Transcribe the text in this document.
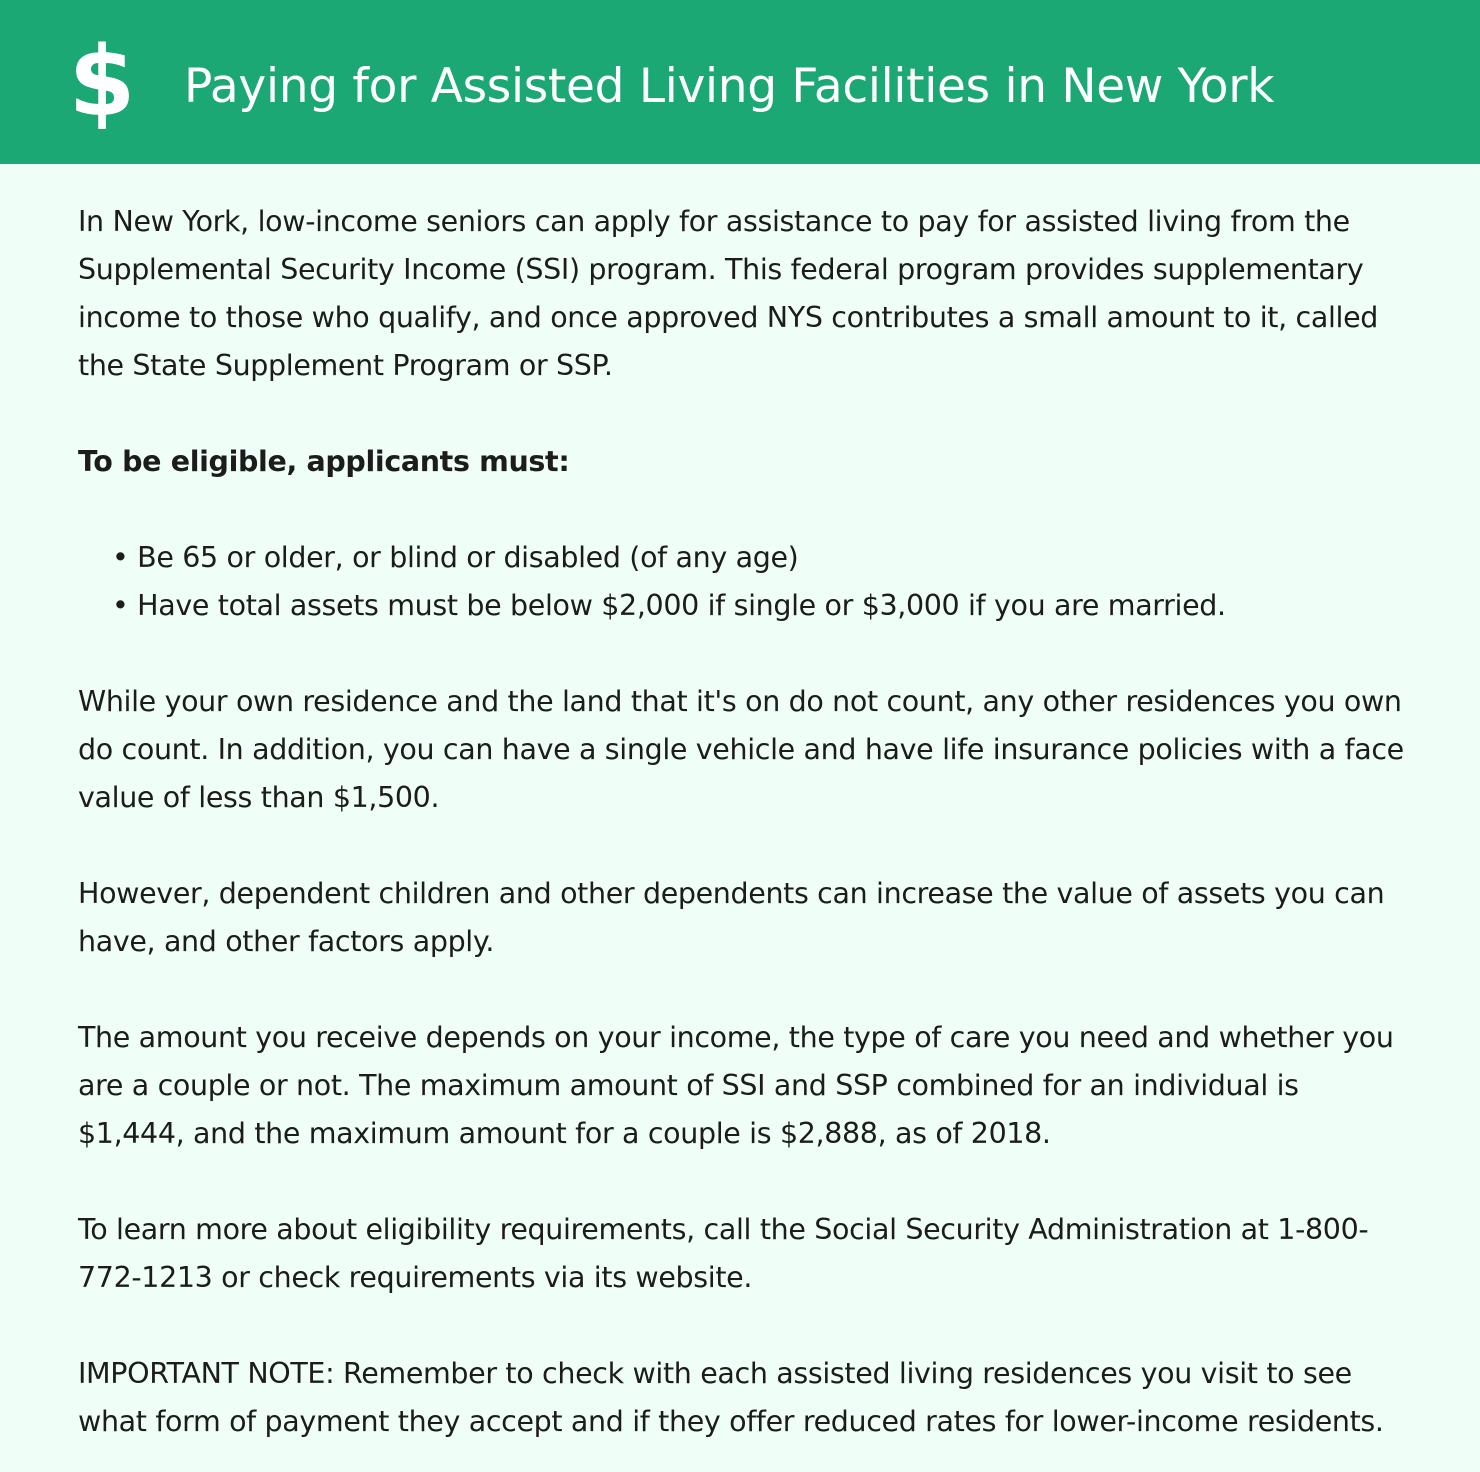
$ Paying for Assisted Living Facilities in New York

In New York, low-income seniors can apply for assistance to pay for assisted living from the Supplemental Security Income (SSI) program. This federal program provides supplementary income to those who qualify, and once approved NYS contributes a small amount to it, called the State Supplement Program or SSP.

To be eligible, applicants must:

• Be 65 or older, or blind or disabled (of any age)
• Have total assets must be below $2,000 if single or $3,000 if you are married.

While your own residence and the land that it's on do not count, any other residences you own do count. In addition, you can have a single vehicle and have life insurance policies with a face value of less than $1,500.

However, dependent children and other dependents can increase the value of assets you can have, and other factors apply.

The amount you receive depends on your income, the type of care you need and whether you are a couple or not. The maximum amount of SSI and SSP combined for an individual is $1,444, and the maximum amount for a couple is $2,888, as of 2018.

To learn more about eligibility requirements, call the Social Security Administration at 1-800-772-1213 or check requirements via its website.

IMPORTANT NOTE: Remember to check with each assisted living residences you visit to see what form of payment they accept and if they offer reduced rates for lower-income residents.
